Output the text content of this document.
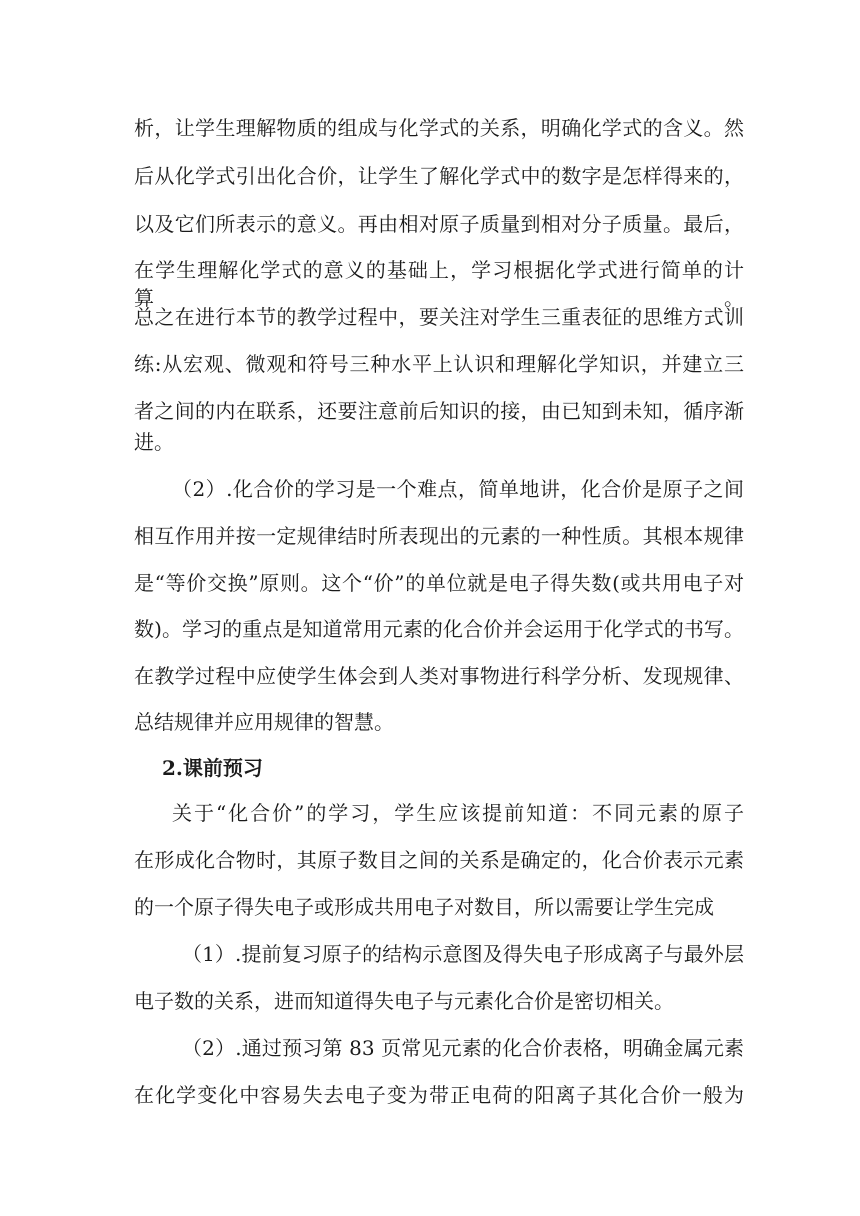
析，让学生理解物质的组成与化学式的关系，明确化学式的含义。然
后从化学式引出化合价，让学生了解化学式中的数字是怎样得来的，
以及它们所表示的意义。再由相对原子质量到相对分子质量。最后，
在学生理解化学式的意义的基础上，学习根据化学式进行简单的计算。
总之在进行本节的教学过程中，要关注对学生三重表征的思维方式训
练:从宏观、微观和符号三种水平上认识和理解化学知识，并建立三
者之间的内在联系，还要注意前后知识的接，由已知到未知，循序渐
进。
（2）.化合价的学习是一个难点，简单地讲，化合价是原子之间
相互作用并按一定规律结时所表现出的元素的一种性质。其根本规律
是“等价交换”原则。这个“价”的单位就是电子得失数(或共用电子对
数)。学习的重点是知道常用元素的化合价并会运用于化学式的书写。
在教学过程中应使学生体会到人类对事物进行科学分析、发现规律、
总结规律并应用规律的智慧。
2.课前预习
关于“化合价”的学习，学生应该提前知道：不同元素的原子
在形成化合物时，其原子数目之间的关系是确定的，化合价表示元素
的一个原子得失电子或形成共用电子对数目，所以需要让学生完成
（1）.提前复习原子的结构示意图及得失电子形成离子与最外层
电子数的关系，进而知道得失电子与元素化合价是密切相关。
（2）.通过预习第 83 页常见元素的化合价表格，明确金属元素
在化学变化中容易失去电子变为带正电荷的阳离子其化合价一般为
